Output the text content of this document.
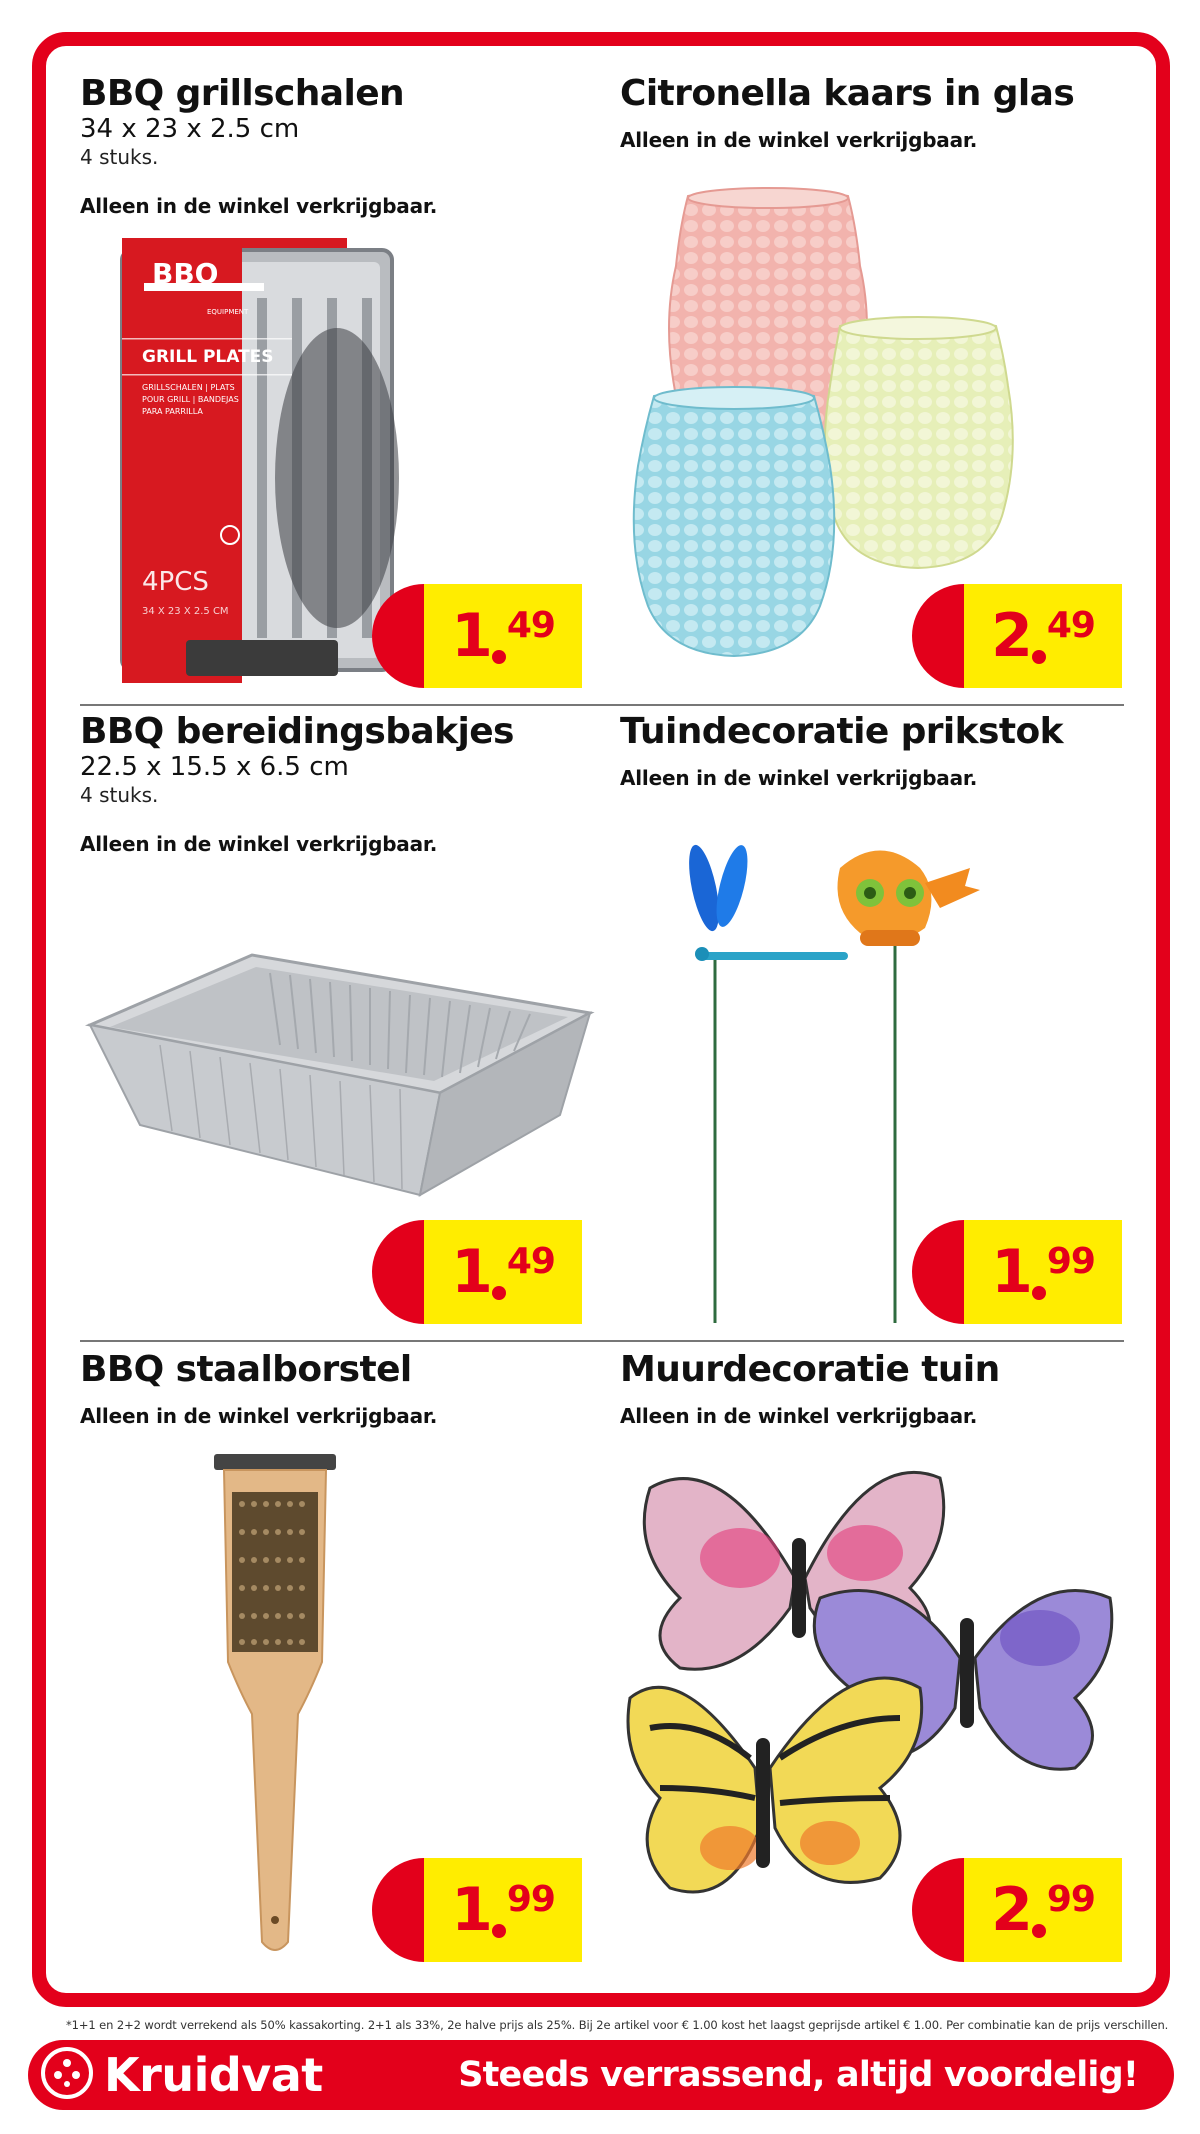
BBQ grillschalen
34 x 23 x 2.5 cm
4 stuks.
Alleen in de winkel verkrijgbaar.
BBQ
EQUIPMENT
GRILL PLATES
GRILLSCHALEN | PLATS
POUR GRILL | BANDEJAS
PARA PARRILLA
4PCS
34 X 23 X 2.5 CM	1 49
Citronella kaars in glas
Alleen in de winkel verkrijgbaar.
2 49
BBQ bereidingsbakjes
22.5 x 15.5 x 6.5 cm
4 stuks.
Alleen in de winkel verkrijgbaar.
1 49
Tuindecoratie prikstok
Alleen in de winkel verkrijgbaar.
1 99
BBQ staalborstel
Alleen in de winkel verkrijgbaar.
1 99
Muurdecoratie tuin
Alleen in de winkel verkrijgbaar.
2 99
*1+1 en 2+2 wordt verrekend als 50% kassakorting. 2+1 als 33%, 2e halve prijs als 25%. Bij 2e artikel voor € 1.00 kost het laagst geprijsde artikel € 1.00. Per combinatie kan de prijs verschillen.
Kruidvat	Steeds verrassend, altijd voordelig!
